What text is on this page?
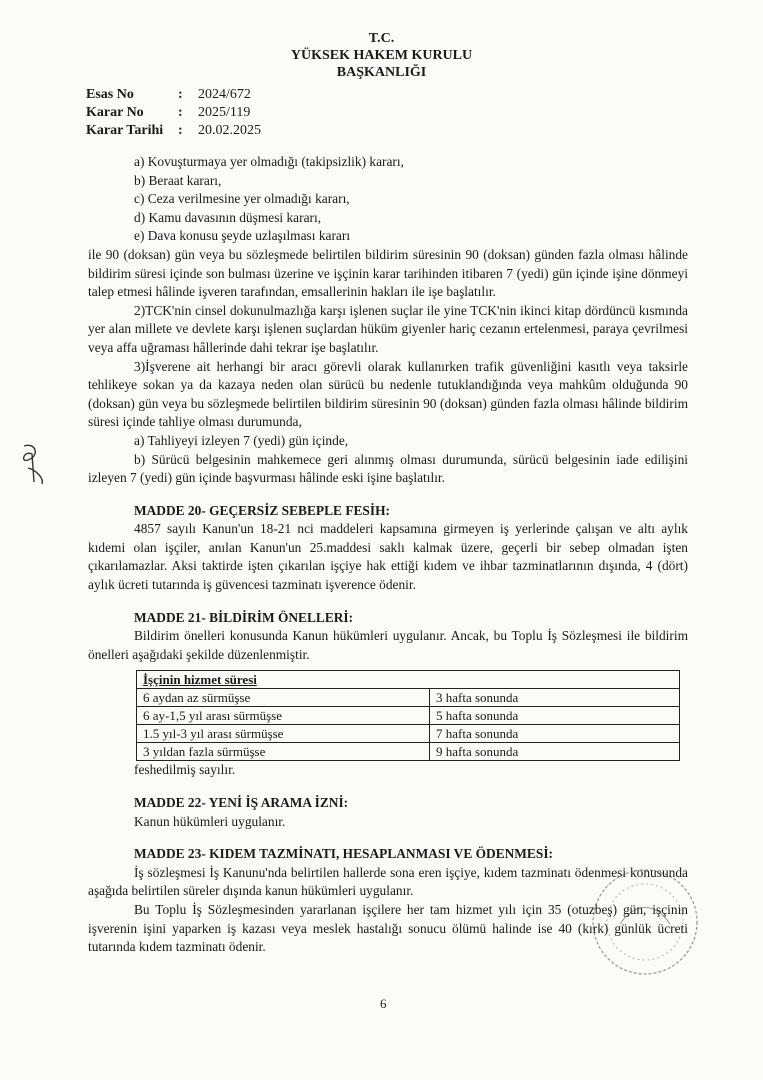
T.C.
YÜKSEK HAKEM KURULU
BAŞKANLIĞI
Esas No	:	2024/672
Karar No	:	2025/119
Karar Tarihi	:	20.02.2025

a) Kovuşturmaya yer olmadığı (takipsizlik) kararı,

b) Beraat kararı,

c) Ceza verilmesine yer olmadığı kararı,

d) Kamu davasının düşmesi kararı,

e) Dava konusu şeyde uzlaşılması kararı

ile 90 (doksan) gün veya bu sözleşmede belirtilen bildirim süresinin 90 (doksan) günden fazla olması hâlinde bildirim süresi içinde son bulması üzerine ve işçinin karar tarihinden itibaren 7 (yedi) gün içinde işine dönmeyi talep etmesi hâlinde işveren tarafından, emsallerinin hakları ile işe başlatılır.

2)TCK'nin cinsel dokunulmazlığa karşı işlenen suçlar ile yine TCK'nin ikinci kitap dördüncü kısmında yer alan millete ve devlete karşı işlenen suçlardan hüküm giyenler hariç cezanın ertelenmesi, paraya çevrilmesi veya affa uğraması hâllerinde dahi tekrar işe başlatılır.

3)İşverene ait herhangi bir aracı görevli olarak kullanırken trafik güvenliğini kasıtlı veya taksirle tehlikeye sokan ya da kazaya neden olan sürücü bu nedenle tutuklandığında veya mahkûm olduğunda 90 (doksan) gün veya bu sözleşmede belirtilen bildirim süresinin 90 (doksan) günden fazla olması hâlinde bildirim süresi içinde tahliye olması durumunda,

a) Tahliyeyi izleyen 7 (yedi) gün içinde,

b) Sürücü belgesinin mahkemece geri alınmış olması durumunda, sürücü belgesinin iade edilişini izleyen 7 (yedi) gün içinde başvurması hâlinde eski işine başlatılır.

MADDE 20- GEÇERSİZ SEBEPLE FESİH:

4857 sayılı Kanun'un 18-21 nci maddeleri kapsamına girmeyen iş yerlerinde çalışan ve altı aylık kıdemi olan işçiler, anılan Kanun'un 25.maddesi saklı kalmak üzere, geçerli bir sebep olmadan işten çıkarılamazlar. Aksi taktirde işten çıkarılan işçiye hak ettiği kıdem ve ihbar tazminatlarının dışında, 4 (dört) aylık ücreti tutarında iş güvencesi tazminatı işverence ödenir.

MADDE 21- BİLDİRİM ÖNELLERİ:

Bildirim önelleri konusunda Kanun hükümleri uygulanır. Ancak, bu Toplu İş Sözleşmesi ile bildirim önelleri aşağıdaki şekilde düzenlenmiştir.

İşçinin hizmet süresi	
6 aydan az sürmüşse	3 hafta sonunda
6 ay-1,5 yıl arası sürmüşse	5 hafta sonunda
1.5 yıl-3 yıl arası sürmüşse	7 hafta sonunda
3 yıldan fazla sürmüşse	9 hafta sonunda

feshedilmiş sayılır.

MADDE 22- YENİ İŞ ARAMA İZNİ:

Kanun hükümleri uygulanır.

MADDE 23- KIDEM TAZMİNATI, HESAPLANMASI VE ÖDENMESİ:

İş sözleşmesi İş Kanunu'nda belirtilen hallerde sona eren işçiye, kıdem tazminatı ödenmesi konusunda aşağıda belirtilen süreler dışında kanun hükümleri uygulanır.

Bu Toplu İş Sözleşmesinden yararlanan işçilere her tam hizmet yılı için 35 (otuzbeş) gün, işçinin işverenin işini yaparken iş kazası veya meslek hastalığı sonucu ölümü halinde ise 40 (kırk) günlük ücreti tutarında kıdem tazminatı ödenir.

6
